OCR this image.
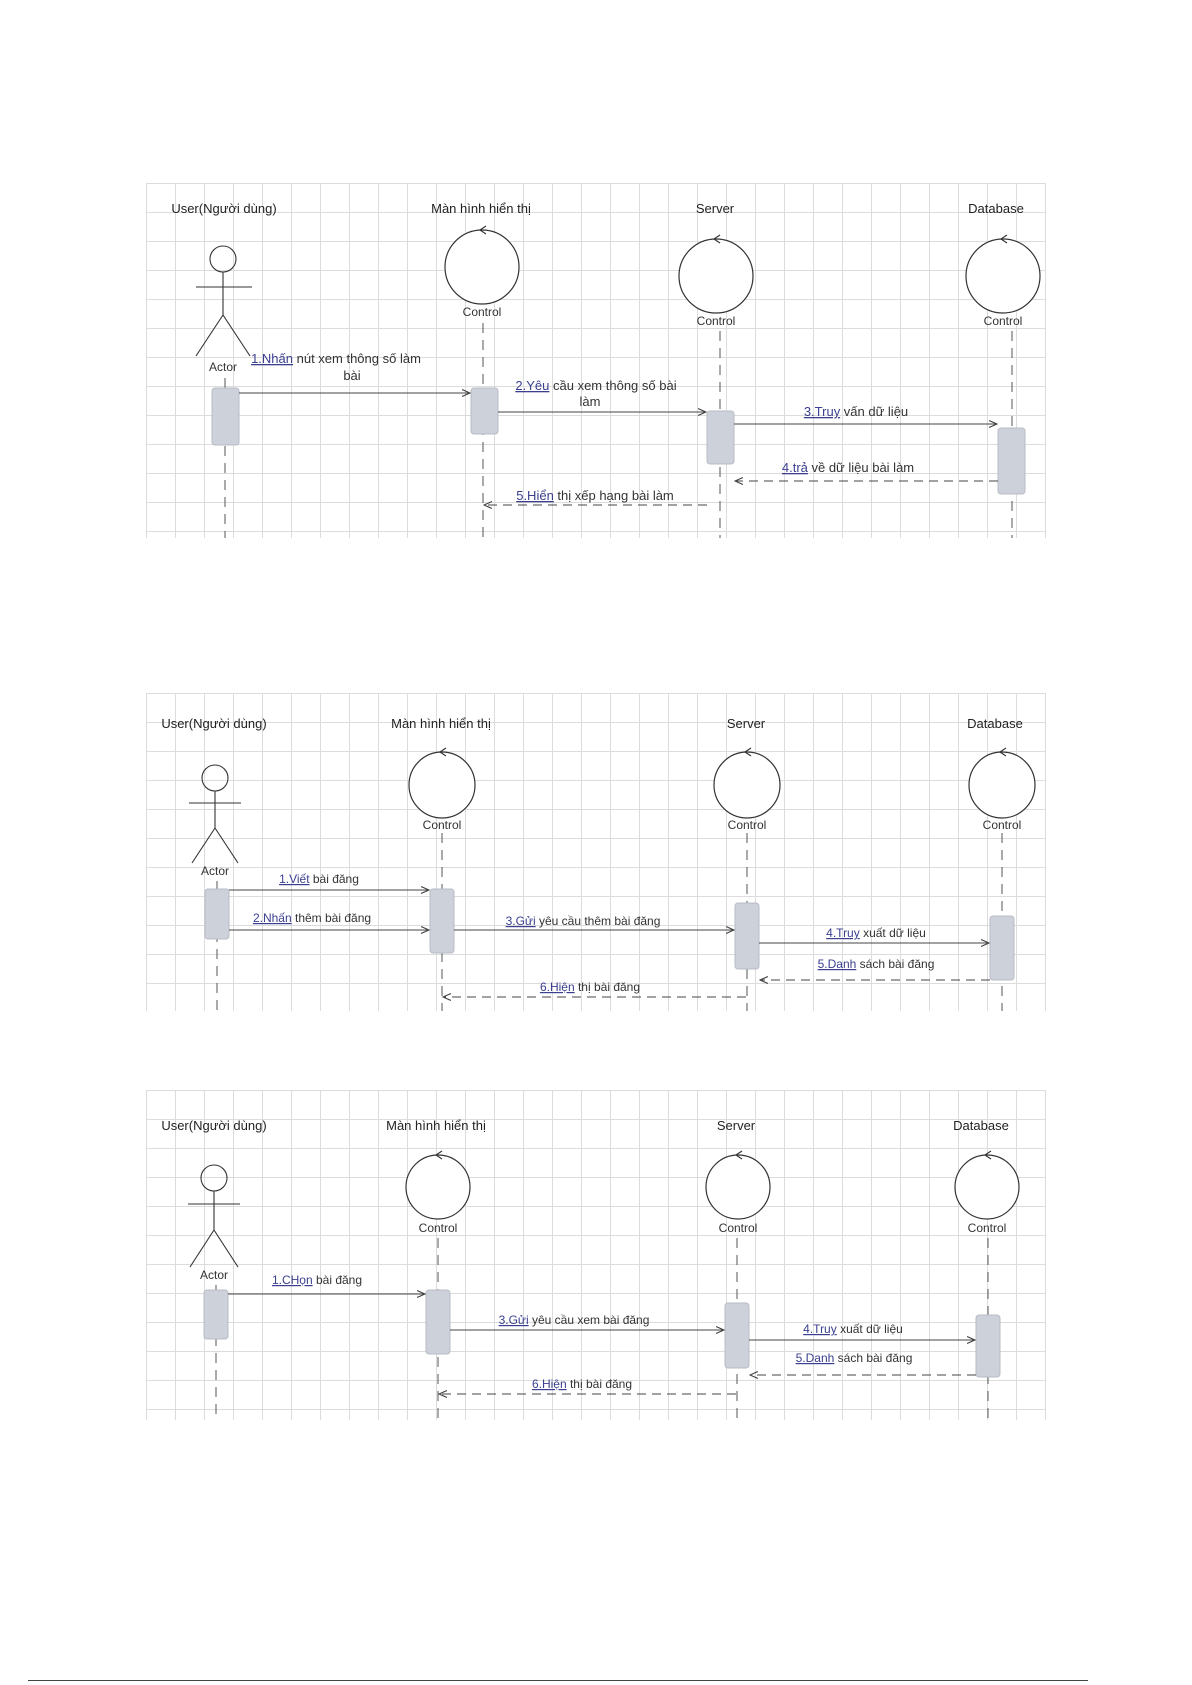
User(Người dùng)	Màn hình hiển thị	Server	Database
Actor
Control
Control	Control
1.Nhấn nút xem thông số làm
bài
2.Yêu cầu xem thông số bài
làm
3.Truy vấn dữ liệu
4.trả về dữ liệu bài làm
5.Hiển thị xếp hạng bài làm
User(Người dùng)	Màn hình hiển thị	Server	Database
Actor
Control	Control	Control
1.Viết bài đăng
2.Nhấn thêm bài đăng	3.Gửi yêu cầu thêm bài đăng
4.Truy xuất dữ liệu
5.Danh sách bài đăng
6.Hiện thị bài đăng
User(Người dùng)	Màn hình hiển thị	Server	Database
Actor
Control	Control	Control
1.CHọn bài đăng
3.Gửi yêu cầu xem bài đăng
4.Truy xuất dữ liệu
5.Danh sách bài đăng
6.Hiện thị bài đăng
